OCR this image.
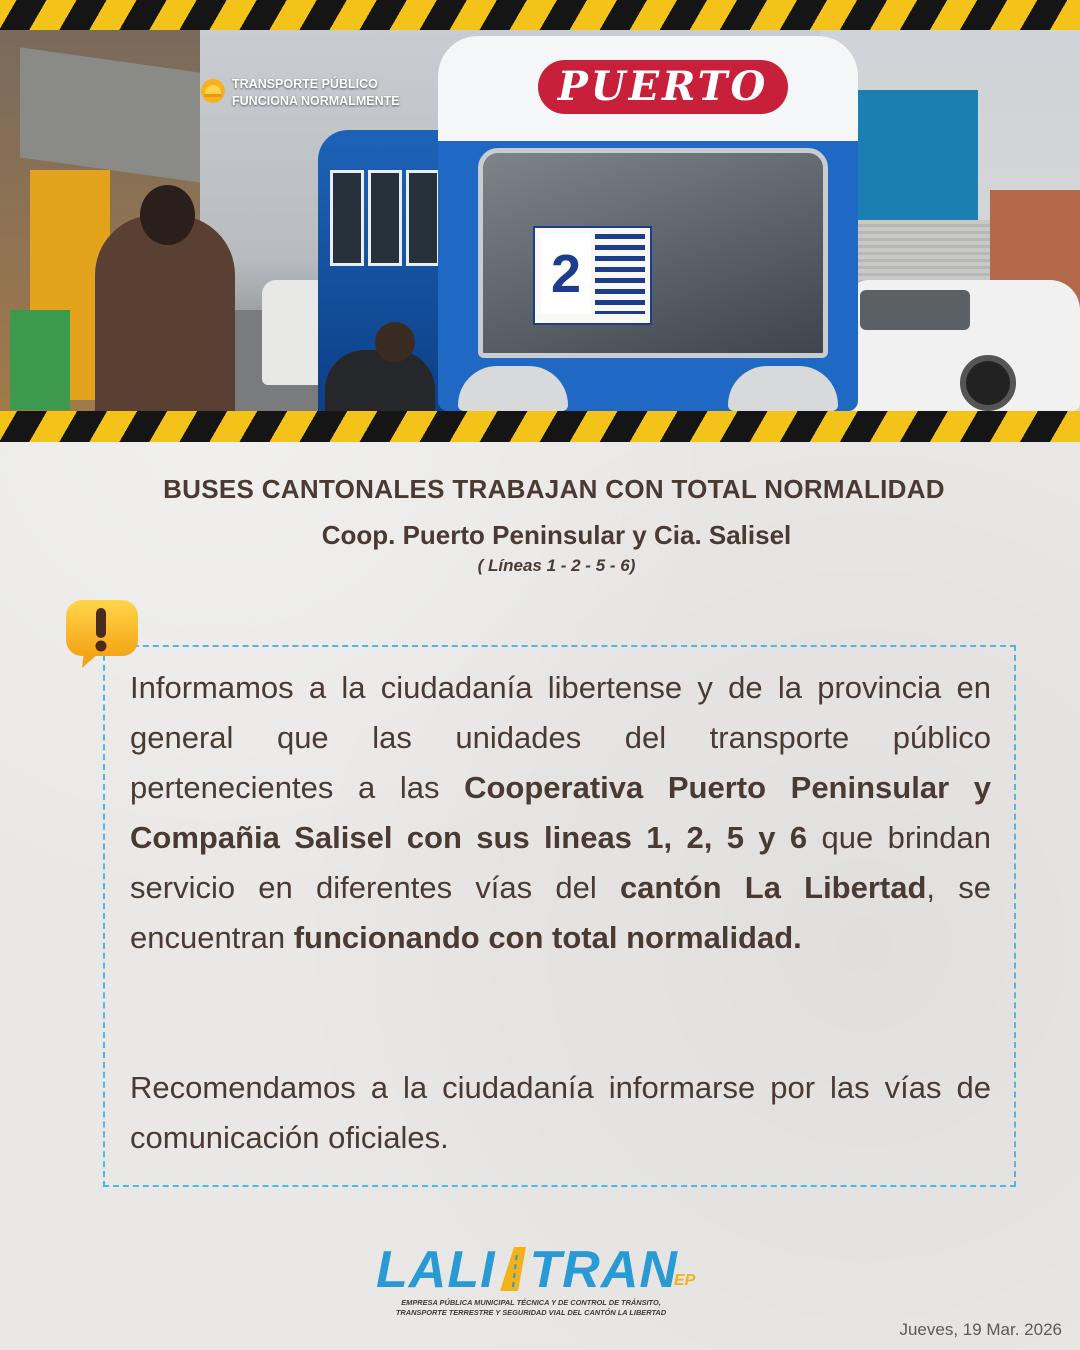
PUERTO
2
TRANSPORTE PÚBLICO
FUNCIONA NORMALMENTE
BUSES CANTONALES TRABAJAN CON TOTAL NORMALIDAD
Coop. Puerto Peninsular y Cia. Salisel
( Líneas 1 - 2 - 5 - 6)

Informamos a la ciudadanía libertense y de la provincia en general que las unidades del transporte público pertenecientes a las Cooperativa Puerto Peninsular y Compañia Salisel con sus lineas 1, 2, 5 y 6 que brindan servicio en diferentes vías del cantón La Libertad, se encuentran funcionando con total normalidad.

Recomendamos a la ciudadanía informarse por las vías de comunicación oficiales.

LALI TRAN
EP
EMPRESA PÚBLICA MUNICIPAL TÉCNICA Y DE CONTROL DE TRÁNSITO,
TRANSPORTE TERRESTRE Y SEGURIDAD VIAL DEL CANTÓN LA LIBERTAD
Jueves, 19 Mar. 2026
